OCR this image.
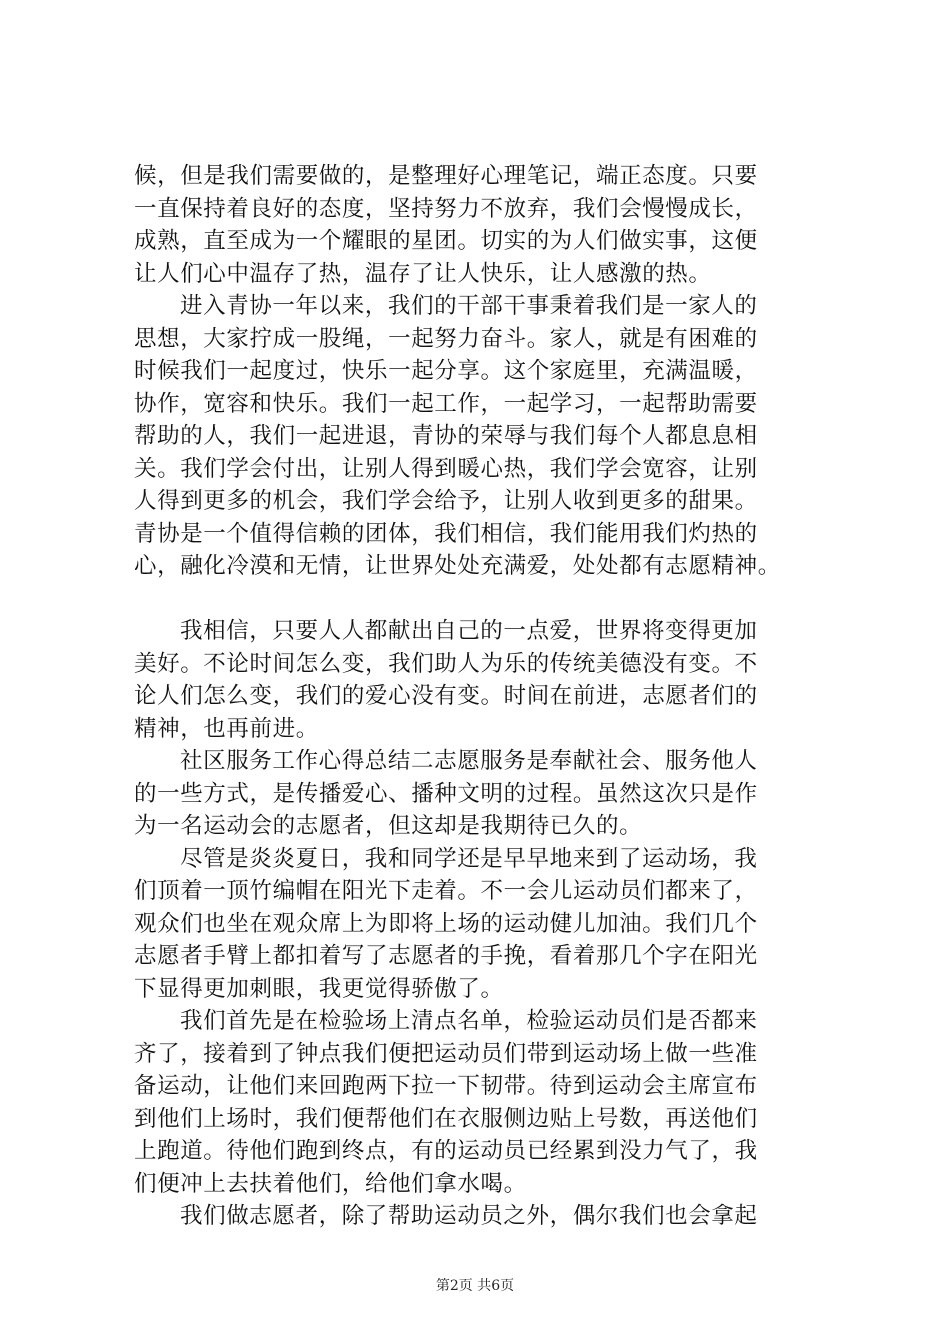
候，但是我们需要做的，是整理好心理笔记，端正态度。只要
一直保持着良好的态度，坚持努力不放弃，我们会慢慢成长，
成熟，直至成为一个耀眼的星团。切实的为人们做实事，这便
让人们心中温存了热，温存了让人快乐，让人感激的热。
进入青协一年以来，我们的干部干事秉着我们是一家人的
思想，大家拧成一股绳，一起努力奋斗。家人，就是有困难的
时候我们一起度过，快乐一起分享。这个家庭里，充满温暖，
协作，宽容和快乐。我们一起工作，一起学习，一起帮助需要
帮助的人，我们一起进退，青协的荣辱与我们每个人都息息相
关。我们学会付出，让别人得到暖心热，我们学会宽容，让别
人得到更多的机会，我们学会给予，让别人收到更多的甜果。
青协是一个值得信赖的团体，我们相信，我们能用我们灼热的
心，融化冷漠和无情，让世界处处充满爱，处处都有志愿精神。
我相信，只要人人都献出自己的一点爱，世界将变得更加
美好。不论时间怎么变，我们助人为乐的传统美德没有变。不
论人们怎么变，我们的爱心没有变。时间在前进，志愿者们的
精神，也再前进。
社区服务工作心得总结二志愿服务是奉献社会、服务他人
的一些方式，是传播爱心、播种文明的过程。虽然这次只是作
为一名运动会的志愿者，但这却是我期待已久的。
尽管是炎炎夏日，我和同学还是早早地来到了运动场，我
们顶着一顶竹编帽在阳光下走着。不一会儿运动员们都来了，
观众们也坐在观众席上为即将上场的运动健儿加油。我们几个
志愿者手臂上都扣着写了志愿者的手挽，看着那几个字在阳光
下显得更加刺眼，我更觉得骄傲了。
我们首先是在检验场上清点名单，检验运动员们是否都来
齐了，接着到了钟点我们便把运动员们带到运动场上做一些准
备运动，让他们来回跑两下拉一下韧带。待到运动会主席宣布
到他们上场时，我们便帮他们在衣服侧边贴上号数，再送他们
上跑道。待他们跑到终点，有的运动员已经累到没力气了，我
们便冲上去扶着他们，给他们拿水喝。
我们做志愿者，除了帮助运动员之外，偶尔我们也会拿起
第2页 共6页
